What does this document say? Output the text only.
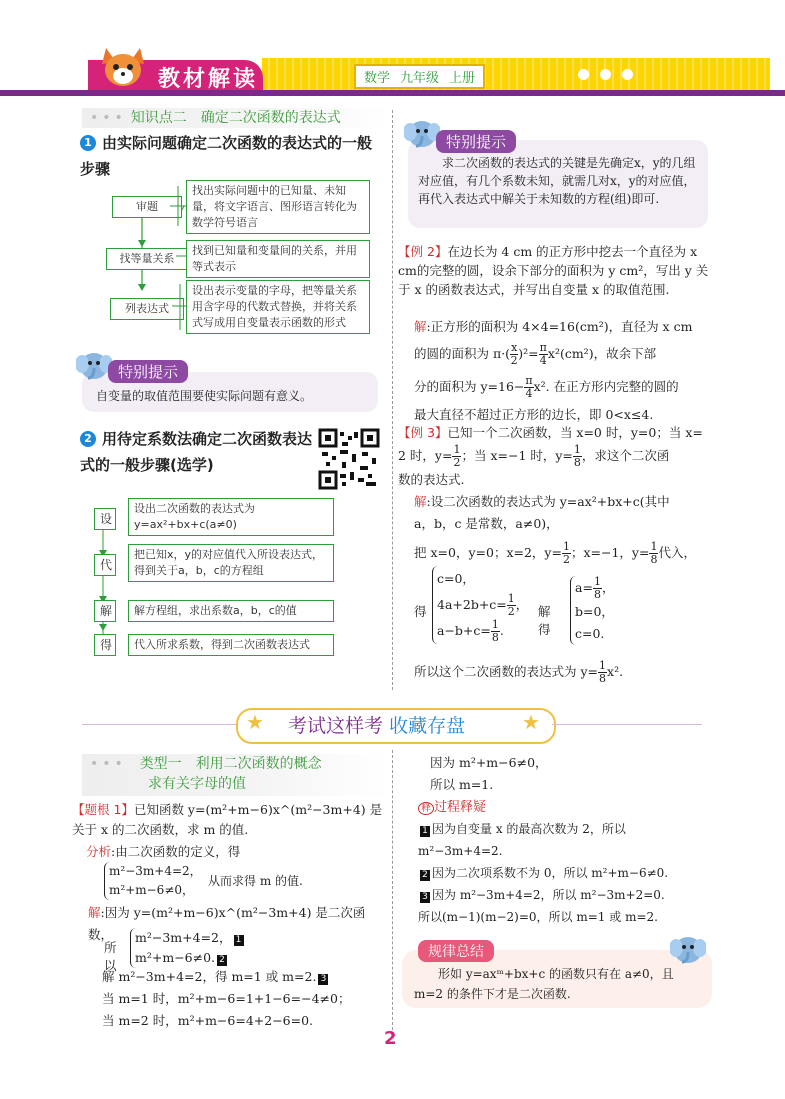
教材解读	数学 九年级 上册
••• 知识点二　确定二次函数的表达式
1 由实际问题确定二次函数的表达式的一般步骤
审题
找出实际问题中的已知量、未知量，将文字语言、图形语言转化为数学符号语言
找等量关系
找到已知量和变量间的关系，并用等式表示
列表达式
设出表示变量的字母，把等量关系用含字母的代数式替换，并将关系式写成用自变量表示函数的形式
特别提示
自变量的取值范围要使实际问题有意义。
2 用待定系数法确定二次函数表达式的一般步骤(选学)
设
设出二次函数的表达式为y=ax²+bx+c(a≠0)
代
把已知x，y的对应值代入所设表达式，得到关于a，b，c的方程组
解	解方程组，求出系数a，b，c的值
得	代入所求系数，得到二次函数表达式
特别提示
求二次函数的表达式的关键是先确定x，y的几组对应值，有几个系数未知，就需几对x，y的对应值，再代入表达式中解关于未知数的方程(组)即可.
【例 2】在边长为 4 cm 的正方形中挖去一个直径为 x cm的完整的圆，设余下部分的面积为 y cm²，写出 y 关于 x 的函数表达式，并写出自变量 x 的取值范围.

解:正方形的面积为 4×4=16(cm²)，直径为 x cm

的圆的面积为 $\pi\cdot( \frac{x}{2} )^2= \frac{\pi}{4} x^2(cm^2)$，故余下部

分的面积为 $y=16- \frac{\pi}{4} x^2$. 在正方形内完整的圆的

最大直径不超过正方形的边长，即 0<x≤4.

【例 3】已知一个二次函数，当 x=0 时，y=0；当 x=

2 时，$y= \frac{1}{2}$ ；当 x=−1 时，$y= \frac{1}{8}$ ，求这个二次函

数的表达式.

解:设二次函数的表达式为 y=ax²+bx+c(其中

a，b，c 是常数，a≠0)，

把 x=0，y=0；x=2，$y= \frac{1}{2}$ ；x=−1，$y= \frac{1}{8}$ 代入，

得
c=0，
$4a+2b+c= \frac{1}{2}$ ，
$a-b+c= \frac{1}{8}$ .
解得
$a= \frac{1}{8}$ ，
b=0，
c=0.
所以这个二次函数的表达式为 $y= \frac{1}{8} x^2$.
★	★
考试这样考 收藏存盘
••• 类型一　利用二次函数的概念
求有关字母的值

【题根 1】已知函数 y=(m²+m−6)x^(m²−3m+4) 是关于 x 的二次函数，求 m 的值.

分析:由二次函数的定义，得

m²−3m+4=2，
m²+m−6≠0，
从而求得 m 的值.

解:因为 y=(m²+m−6)x^(m²−3m+4) 是二次函数，

所以
m²−3m+4=2， 1
m²+m−6≠0. 2

解 m²−3m+4=2，得 m=1 或 m=2. 3

当 m=1 时，m²+m−6=1+1−6=−4≠0；

当 m=2 时，m²+m−6=4+2−6=0.

因为 m²+m−6≠0，

所以 m=1.

释 过程释疑

1 因为自变量 x 的最高次数为 2，所以 m²−3m+4=2.

2 因为二次项系数不为 0，所以 m²+m−6≠0.

3 因为 m²−3m+4=2，所以 m²−3m+2=0.

所以(m−1)(m−2)=0，所以 m=1 或 m=2.

规律总结
形如 y=axᵐ+bx+c 的函数只有在 a≠0，且 m=2 的条件下才是二次函数.
2
